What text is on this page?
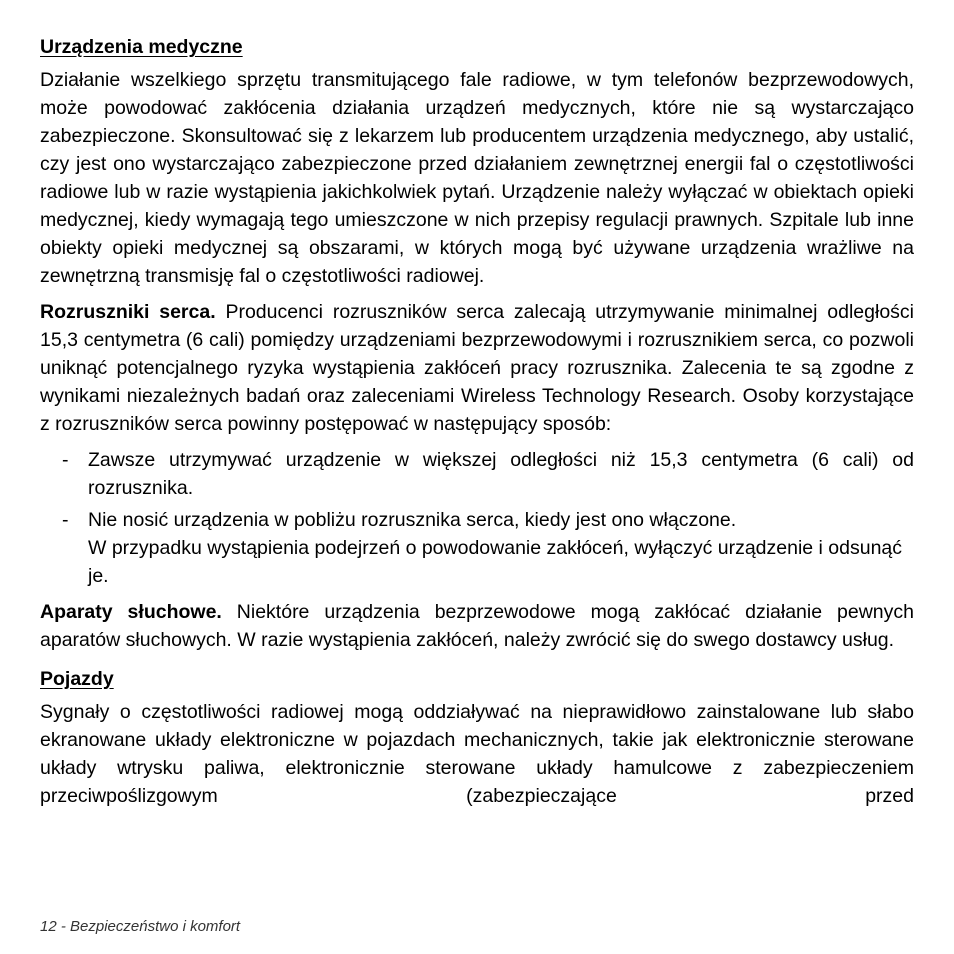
Urządzenia medyczne

Działanie wszelkiego sprzętu transmitującego fale radiowe, w tym telefonów bezprzewodowych, może powodować zakłócenia działania urządzeń medycznych, które nie są wystarczająco zabezpieczone. Skonsultować się z lekarzem lub producentem urządzenia medycznego, aby ustalić, czy jest ono wystarczająco zabezpieczone przed działaniem zewnętrznej energii fal o częstotliwości radiowe lub w razie wystąpienia jakichkolwiek pytań. Urządzenie należy wyłączać w obiektach opieki medycznej, kiedy wymagają tego umieszczone w nich przepisy regulacji prawnych. Szpitale lub inne obiekty opieki medycznej są obszarami, w których mogą być używane urządzenia wrażliwe na zewnętrzną transmisję fal o częstotliwości radiowej.

Rozruszniki serca. Producenci rozruszników serca zalecają utrzymywanie minimalnej odległości 15,3 centymetra (6 cali) pomiędzy urządzeniami bezprzewodowymi i rozrusznikiem serca, co pozwoli uniknąć potencjalnego ryzyka wystąpienia zakłóceń pracy rozrusznika. Zalecenia te są zgodne z wynikami niezależnych badań oraz zaleceniami Wireless Technology Research. Osoby korzystające z rozruszników serca powinny postępować w następujący sposób:

- Zawsze utrzymywać urządzenie w większej odległości niż 15,3 centymetra (6 cali) od rozrusznika.
- Nie nosić urządzenia w pobliżu rozrusznika serca, kiedy jest ono włączone.
W przypadku wystąpienia podejrzeń o powodowanie zakłóceń, wyłączyć urządzenie i odsunąć je.

Aparaty słuchowe. Niektóre urządzenia bezprzewodowe mogą zakłócać działanie pewnych aparatów słuchowych. W razie wystąpienia zakłóceń, należy zwrócić się do swego dostawcy usług.

Pojazdy

Sygnały o częstotliwości radiowej mogą oddziaływać na nieprawidłowo zainstalowane lub słabo ekranowane układy elektroniczne w pojazdach mechanicznych, takie jak elektronicznie sterowane układy wtrysku paliwa, elektronicznie sterowane układy hamulcowe z zabezpieczeniem przeciwpoślizgowym (zabezpieczające przed

12 - Bezpieczeństwo i komfort
